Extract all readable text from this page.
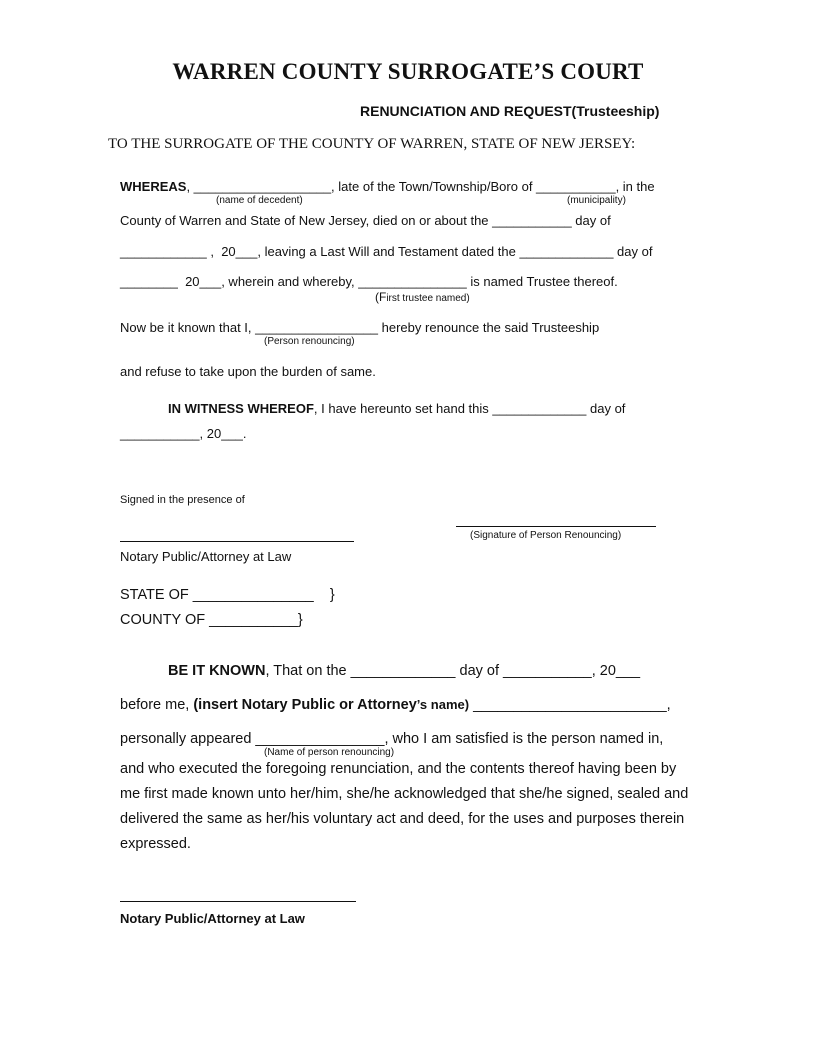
WARREN COUNTY SURROGATE’S COURT
RENUNCIATION AND REQUEST(Trusteeship)
TO THE SURROGATE OF THE COUNTY OF WARREN, STATE OF NEW JERSEY:
WHEREAS, ___________________, late of the Town/Township/Boro of ___________, in the
(name of decedent)	(municipality)
County of Warren and State of New Jersey, died on or about the ___________ day of
____________ ,  20___, leaving a Last Will and Testament dated the _____________ day of
________  20___, wherein and whereby, _______________ is named Trustee thereof.
(First trustee named)
Now be it known that I, _________________ hereby renounce the said Trusteeship
(Person renouncing)
and refuse to take upon the burden of same.
IN WITNESS WHEREOF, I have hereunto set hand this _____________ day of
___________, 20___.
Signed in the presence of
(Signature of Person Renouncing)
Notary Public/Attorney at Law
STATE OF _______________    }
COUNTY OF ___________}
BE IT KNOWN, That on the _____________ day of ___________, 20___
before me, (insert Notary Public or Attorney’s name) ________________________,
personally appeared ________________, who I am satisfied is the person named in,
(Name of person renouncing)
and who executed the foregoing renunciation, and the contents thereof having been by
me first made known unto her/him, she/he acknowledged that she/he signed, sealed and
delivered the same as her/his voluntary act and deed, for the uses and purposes therein
expressed.
Notary Public/Attorney at Law
